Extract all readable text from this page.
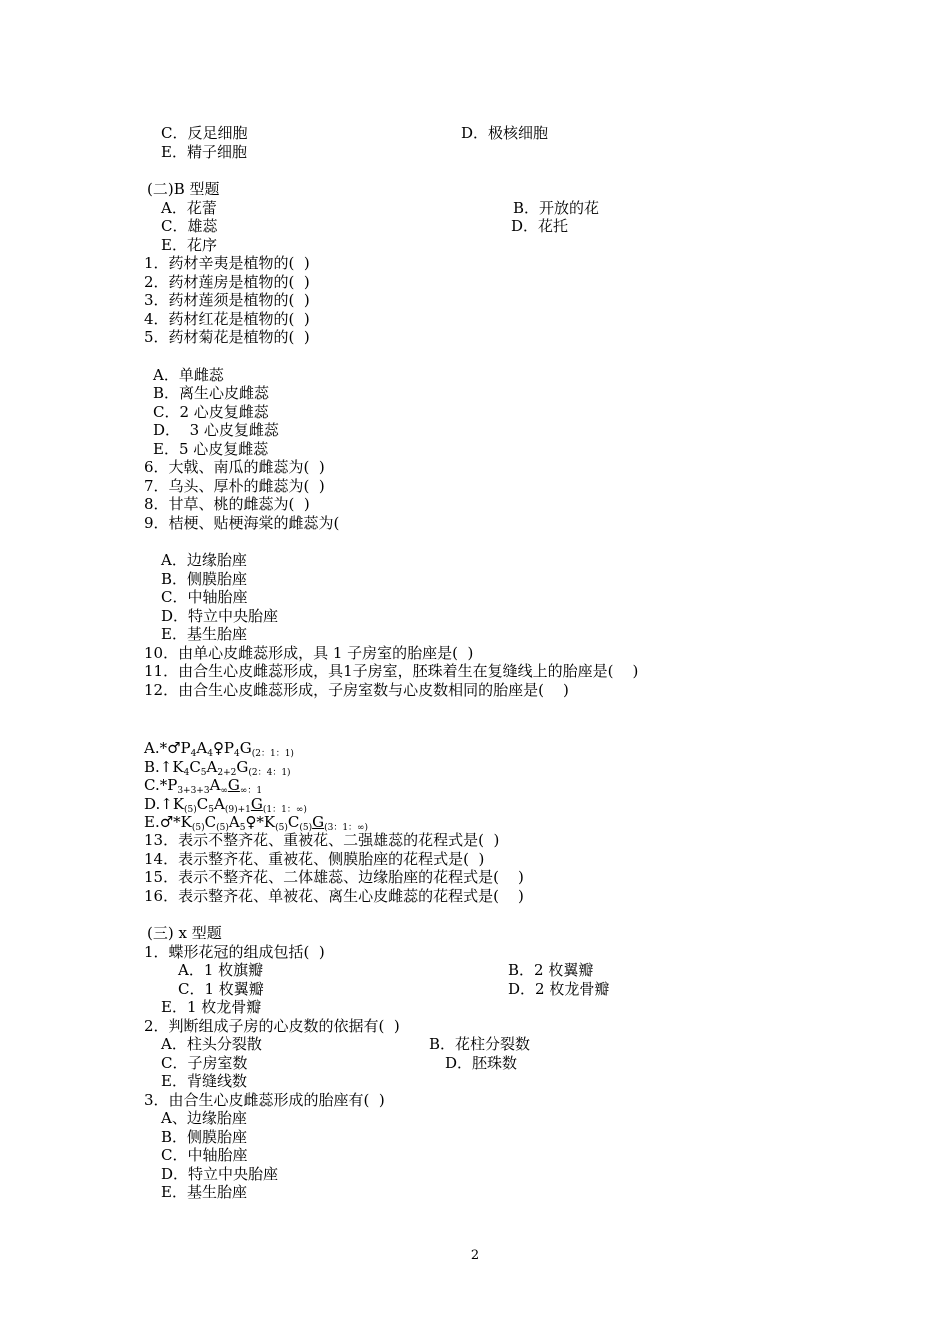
C．反足细胞	D．极核细胞
E．精子细胞
(二)B 型题
A．花蕾	B．开放的花
C．雄蕊	D．花托
E．花序
1．药材辛夷是植物的(  )
2．药材莲房是植物的(  )
3．药材莲须是植物的(  )
4．药材红花是植物的(  )
5．药材菊花是植物的(  )
A．单雌蕊
B．离生心皮雌蕊
C．2 心皮复雌蕊
D．  3 心皮复雌蕊
E．5 心皮复雌蕊
6．大戟、南瓜的雌蕊为(  )
7．乌头、厚朴的雌蕊为(  )
8．甘草、桃的雌蕊为(  )
9．桔梗、贴梗海棠的雌蕊为(
A．边缘胎座
B．侧膜胎座
C．中轴胎座
D．特立中央胎座
E．基生胎座
10．由单心皮雌蕊形成，具 1 子房室的胎座是(  )
11．由合生心皮雌蕊形成，具1子房室，胚珠着生在复缝线上的胎座是(    )
12．由合生心皮雌蕊形成，子房室数与心皮数相同的胎座是(    )
$A.*♂P_4A_4♀P_4G_{(2:1:1)}$
$B.↑K_4C_5A_{2+2}G_{(2:4:1)}$
$C.*P_{3+3+3}A_\infty G_{\infty:1}$
$D.↑K_{(5)}C_5A_{(9)+1}G_{(1:1:\infty)}$
$E.♂*K_{(5)}C_{(5)}A_5♀*K_{(5)}C_{(5)}G_{(3:1:\infty)}$
13．表示不整齐花、重被花、二强雄蕊的花程式是(  )
14．表示整齐花、重被花、侧膜胎座的花程式是(  )
15．表示不整齐花、二体雄蕊、边缘胎座的花程式是(    )
16．表示整齐花、单被花、离生心皮雌蕊的花程式是(    )
(三) x 型题
1．蝶形花冠的组成包括(  )
A．1 枚旗瓣	B．2 枚翼瓣
C．1 枚翼瓣	D．2 枚龙骨瓣
E．1 枚龙骨瓣
2．判断组成子房的心皮数的依据有(  )
A．柱头分裂散	B．花柱分裂数
C．子房室数	D．胚珠数
E．背缝线数
3．由合生心皮雌蕊形成的胎座有(  )
A、边缘胎座
B．侧膜胎座
C．中轴胎座
D．特立中央胎座
E．基生胎座
2
